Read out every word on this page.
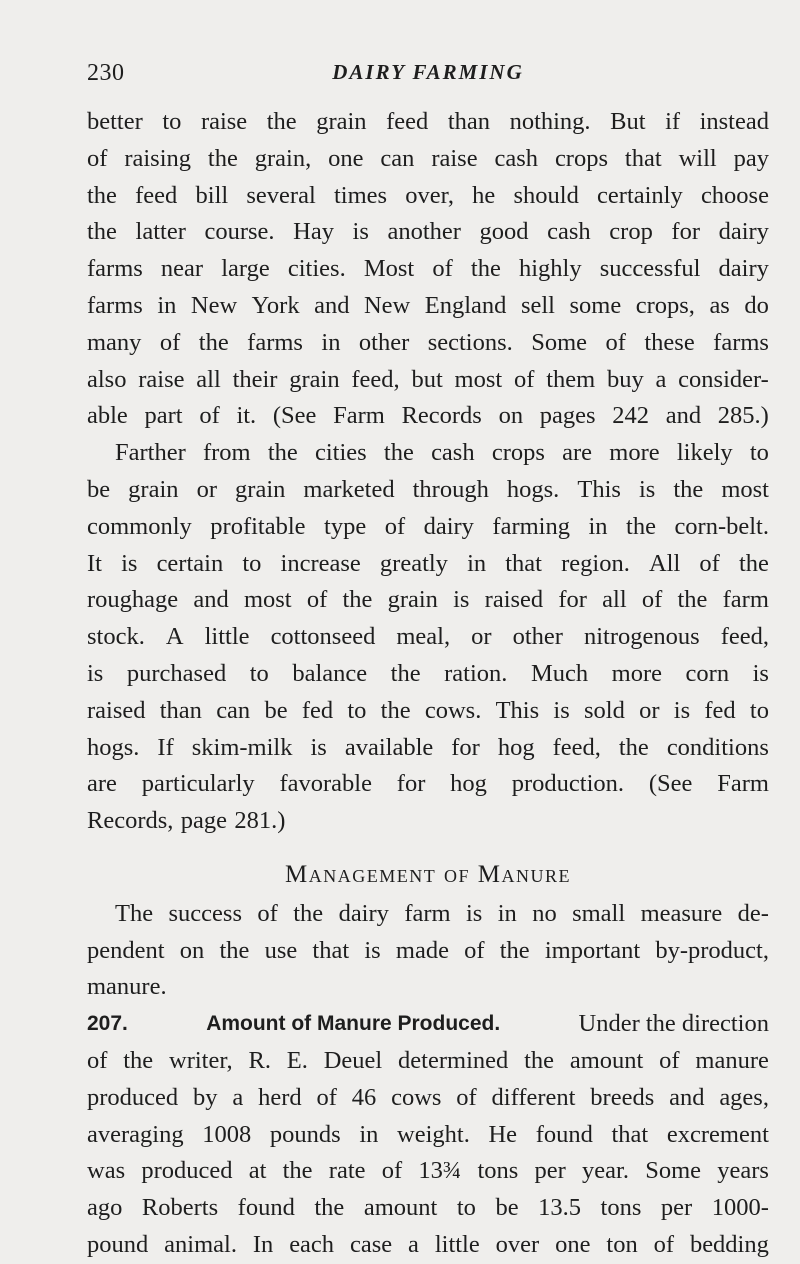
230	DAIRY FARMING
better to raise the grain feed than nothing. But if instead
of raising the grain, one can raise cash crops that will pay
the feed bill several times over, he should certainly choose
the latter course. Hay is another good cash crop for dairy
farms near large cities. Most of the highly successful dairy
farms in New York and New England sell some crops, as do
many of the farms in other sections. Some of these farms
also raise all their grain feed, but most of them buy a consider-
able part of it. (See Farm Records on pages 242 and 285.)
Farther from the cities the cash crops are more likely to
be grain or grain marketed through hogs. This is the most
commonly profitable type of dairy farming in the corn-belt.
It is certain to increase greatly in that region. All of the
roughage and most of the grain is raised for all of the farm
stock. A little cottonseed meal, or other nitrogenous feed,
is purchased to balance the ration. Much more corn is
raised than can be fed to the cows. This is sold or is fed to
hogs. If skim-milk is available for hog feed, the conditions
are particularly favorable for hog production. (See Farm
Records, page 281.)
Management of Manure
The success of the dairy farm is in no small measure de-
pendent on the use that is made of the important by-product,
manure.
207.	Amount of Manure Produced.	Under the direction
of the writer, R. E. Deuel determined the amount of manure
produced by a herd of 46 cows of different breeds and ages,
averaging 1008 pounds in weight. He found that excrement
was produced at the rate of 13¾ tons per year. Some years
ago Roberts found the amount to be 13.5 tons per 1000-
pound animal. In each case a little over one ton of bedding
